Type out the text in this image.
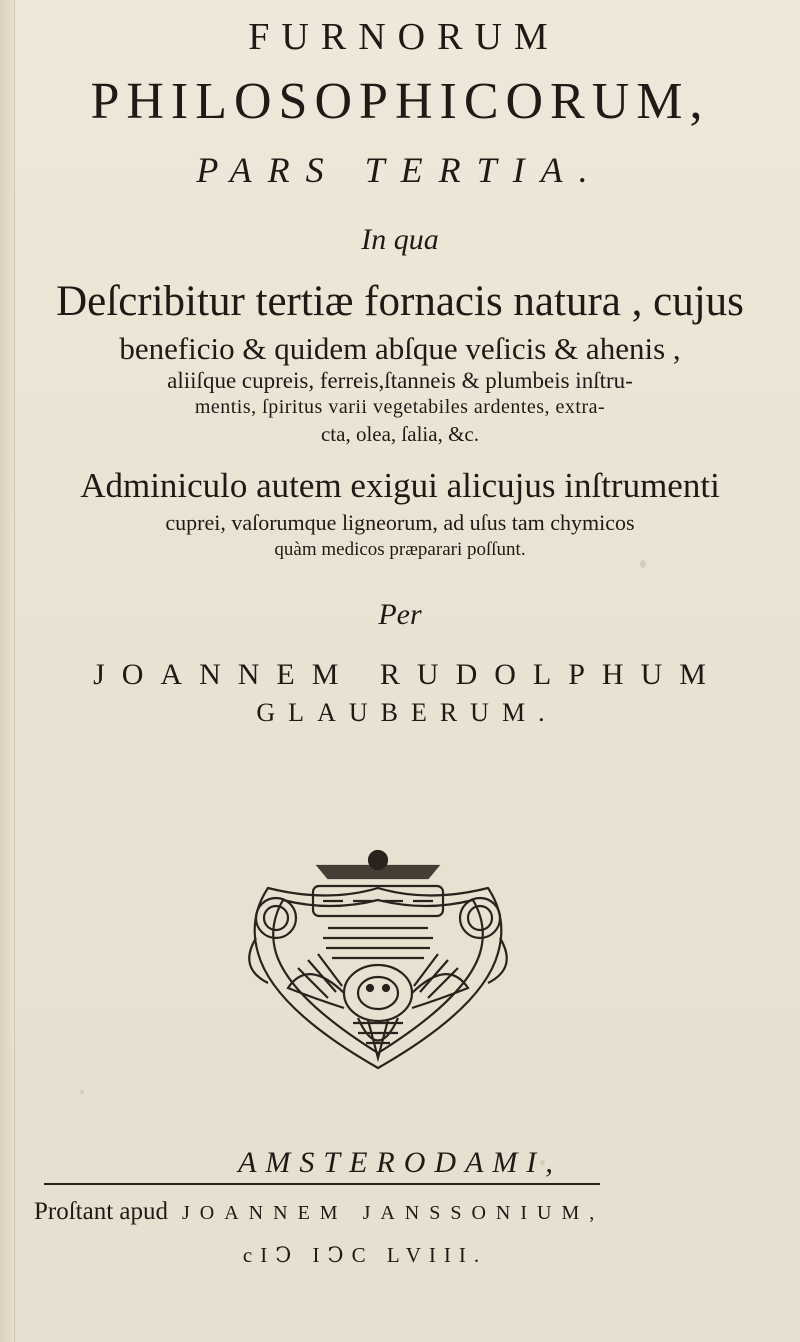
FURNORUM
PHILOSOPHICORUM,
PARS TERTIA.
In qua
Deſcribitur tertiæ fornacis natura , cujus
beneficio & quidem abſque veſicis & ahenis ,
aliiſque cupreis, ferreis,ſtanneis & plumbeis inſtru-
mentis, ſpiritus varii vegetabiles ardentes, extra-
cta, olea, ſalia, &c.
Adminiculo autem exigui alicujus inſtrumenti
cuprei, vaſorumque ligneorum, ad uſus tam chymicos
quàm medicos præparari poſſunt.
Per
JOANNEM RUDOLPHUM
GLAUBERUM.
AMSTERODAMI,
Proſtant apud JOANNEM JANSSONIUM,
cIↃ IↃC LVIII.
